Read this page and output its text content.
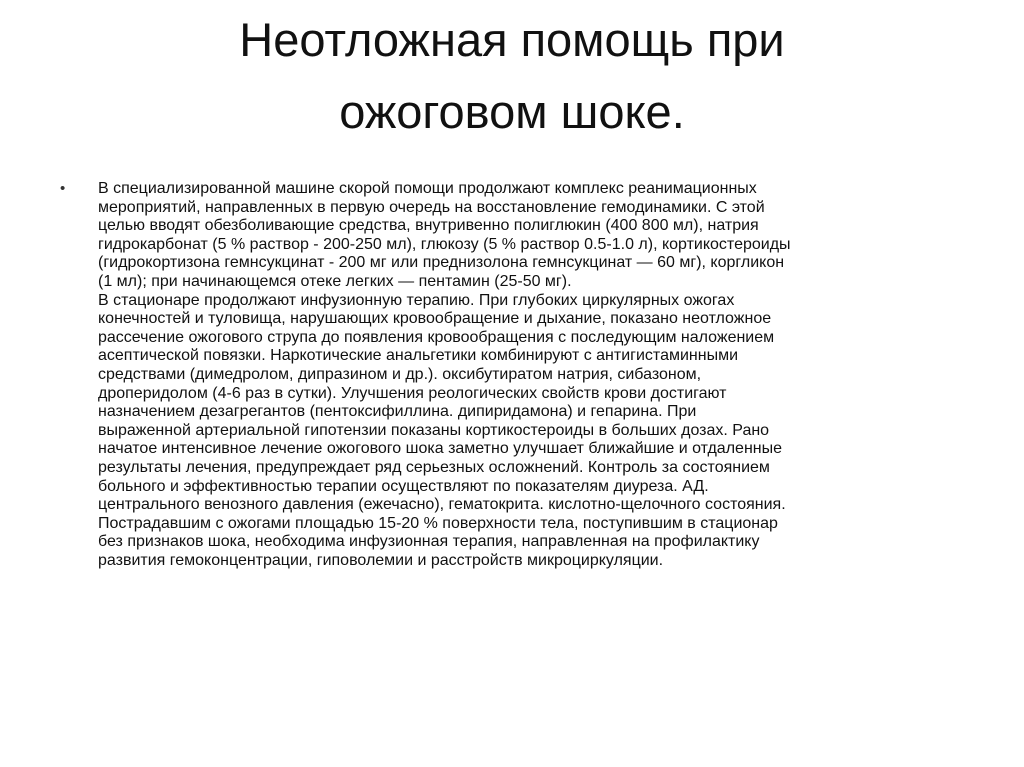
Неотложная помощь при
ожоговом шоке.
• В специализированной машине скорой помощи продолжают комплекс реанимационных
мероприятий, направленных в первую очередь на восстановление гемодинамики. С этой
целью вводят обезболивающие средства, внутривенно полиглюкин (400 800 мл), натрия
гидрокарбонат (5 % раствор - 200-250 мл), глюкозу (5 % раствор 0.5-1.0 л), кортикостероиды
(гидрокортизона гемнсукцинат - 200 мг или преднизолона гемнсукцинат — 60 мг), коргликон
(1 мл); при начинающемся отеке легких — пентамин (25-50 мг).
В стационаре продолжают инфузионную терапию. При глубоких циркулярных ожогах
конечностей и туловища, нарушающих кровообращение и дыхание, показано неотложное
рассечение ожогового струпа до появления кровообращения с последующим наложением
асептической повязки. Наркотические анальгетики комбинируют с антигистаминными
средствами (димедролом, дипразином и др.). оксибутиратом натрия, сибазоном,
дроперидолом (4-6 раз в сутки). Улучшения реологических свойств крови достигают
назначением дезагрегантов (пентоксифиллина. дипиридамона) и гепарина. При
выраженной артериальной гипотензии показаны кортикостероиды в больших дозах. Рано
начатое интенсивное лечение ожогового шока заметно улучшает ближайшие и отдаленные
результаты лечения, предупреждает ряд серьезных осложнений. Контроль за состоянием
больного и эффективностью терапии осуществляют по показателям диуреза. АД.
центрального венозного давления (ежечасно), гематокрита. кислотно-щелочного состояния.
Пострадавшим с ожогами площадью 15-20 % поверхности тела, поступившим в стационар
без признаков шока, необходима инфузионная терапия, направленная на профилактику
развития гемоконцентрации, гиповолемии и расстройств микроциркуляции.
